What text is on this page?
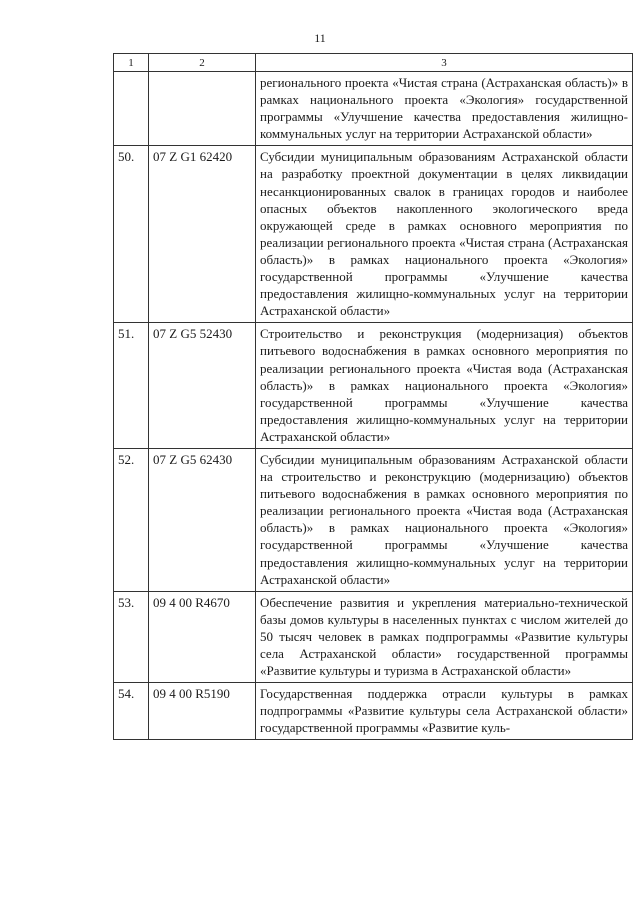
11
1	2	3
		регионального проекта «Чистая страна (Астраханская область)» в рамках национального проекта «Экология» государственной программы «Улучшение качества предоставления жилищно-коммунальных услуг на территории Астраханской области»
50.	07 Z G1 62420	Субсидии муниципальным образованиям Астраханской области на разработку проектной документации в целях ликвидации несанкционированных свалок в границах городов и наиболее опасных объектов накопленного экологического вреда окружающей среде в рамках основного мероприятия по реализации регионального проекта «Чистая страна (Астраханская область)» в рамках национального проекта «Экология» государственной программы «Улучшение качества предоставления жилищно-коммунальных услуг на территории Астраханской области»
51.	07 Z G5 52430	Строительство и реконструкция (модернизация) объектов питьевого водоснабжения в рамках основного мероприятия по реализации регионального проекта «Чистая вода (Астраханская область)» в рамках национального проекта «Экология» государственной программы «Улучшение качества предоставления жилищно-коммунальных услуг на территории Астраханской области»
52.	07 Z G5 62430	Субсидии муниципальным образованиям Астраханской области на строительство и реконструкцию (модернизацию) объектов питьевого водоснабжения в рамках основного мероприятия по реализации регионального проекта «Чистая вода (Астраханская область)» в рамках национального проекта «Экология» государственной программы «Улучшение качества предоставления жилищно-коммунальных услуг на территории Астраханской области»
53.	09 4 00 R4670	Обеспечение развития и укрепления материально-технической базы домов культуры в населенных пунктах с числом жителей до 50 тысяч человек в рамках подпрограммы «Развитие культуры села Астраханской области» государственной программы «Развитие культуры и туризма в Астраханской области»
54.	09 4 00 R5190	Государственная поддержка отрасли культуры в рамках подпрограммы «Развитие культуры села Астраханской области» государственной программы «Развитие куль-
